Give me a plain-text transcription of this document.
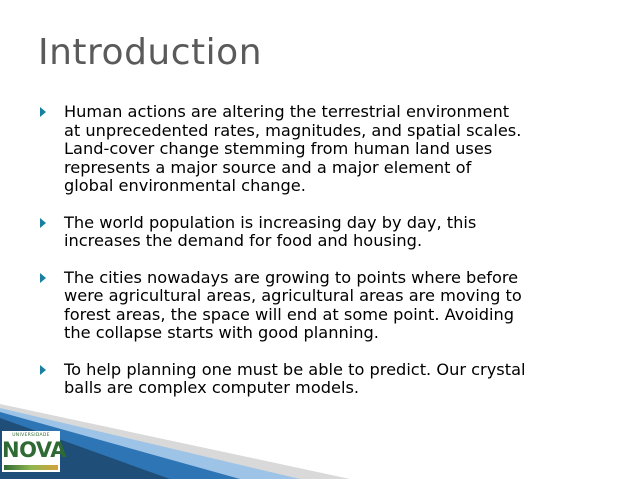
Introduction
Human actions are altering the terrestrial environment
at unprecedented rates, magnitudes, and spatial scales.
Land-cover change stemming from human land uses
represents a major source and a major element of
global environmental change.
The world population is increasing day by day, this
increases the demand for food and housing.
The cities nowadays are growing to points where before
were agricultural areas, agricultural areas are moving to
forest areas, the space will end at some point. Avoiding
the collapse starts with good planning.
To help planning one must be able to predict. Our crystal
balls are complex computer models.
UNIVERSIDADE
NOVA
